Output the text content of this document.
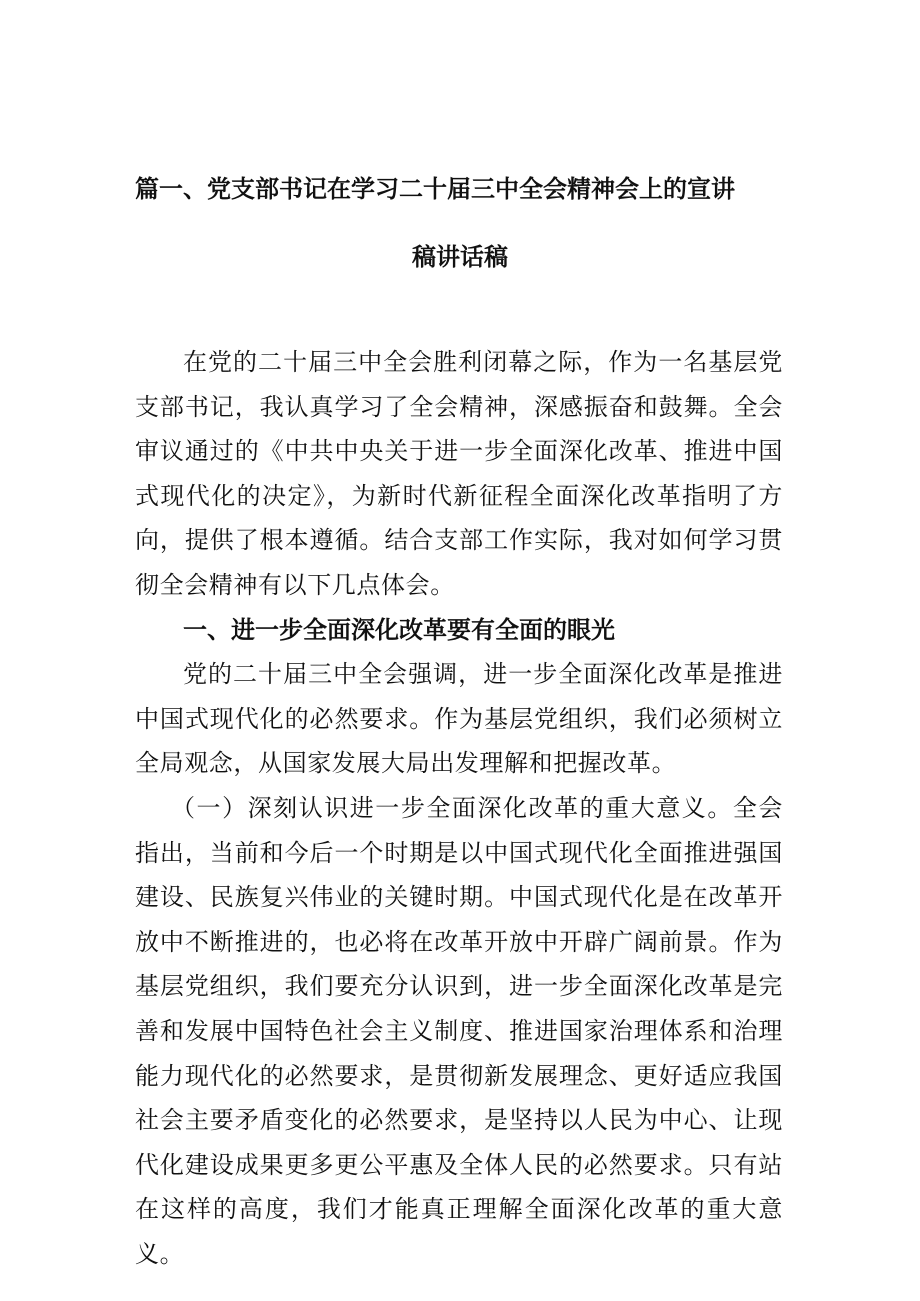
篇一、党支部书记在学习二十届三中全会精神会上的宣讲
稿讲话稿

在党的二十届三中全会胜利闭幕之际，作为一名基层党支部书记，我认真学习了全会精神，深感振奋和鼓舞。全会审议通过的《中共中央关于进一步全面深化改革、推进中国式现代化的决定》，为新时代新征程全面深化改革指明了方向，提供了根本遵循。结合支部工作实际，我对如何学习贯彻全会精神有以下几点体会。

一、进一步全面深化改革要有全面的眼光

党的二十届三中全会强调，进一步全面深化改革是推进中国式现代化的必然要求。作为基层党组织，我们必须树立全局观念，从国家发展大局出发理解和把握改革。

（一）深刻认识进一步全面深化改革的重大意义。全会指出，当前和今后一个时期是以中国式现代化全面推进强国建设、民族复兴伟业的关键时期。中国式现代化是在改革开放中不断推进的，也必将在改革开放中开辟广阔前景。作为基层党组织，我们要充分认识到，进一步全面深化改革是完善和发展中国特色社会主义制度、推进国家治理体系和治理能力现代化的必然要求，是贯彻新发展理念、更好适应我国社会主要矛盾变化的必然要求，是坚持以人民为中心、让现代化建设成果更多更公平惠及全体人民的必然要求。只有站在这样的高度，我们才能真正理解全面深化改革的重大意义。
